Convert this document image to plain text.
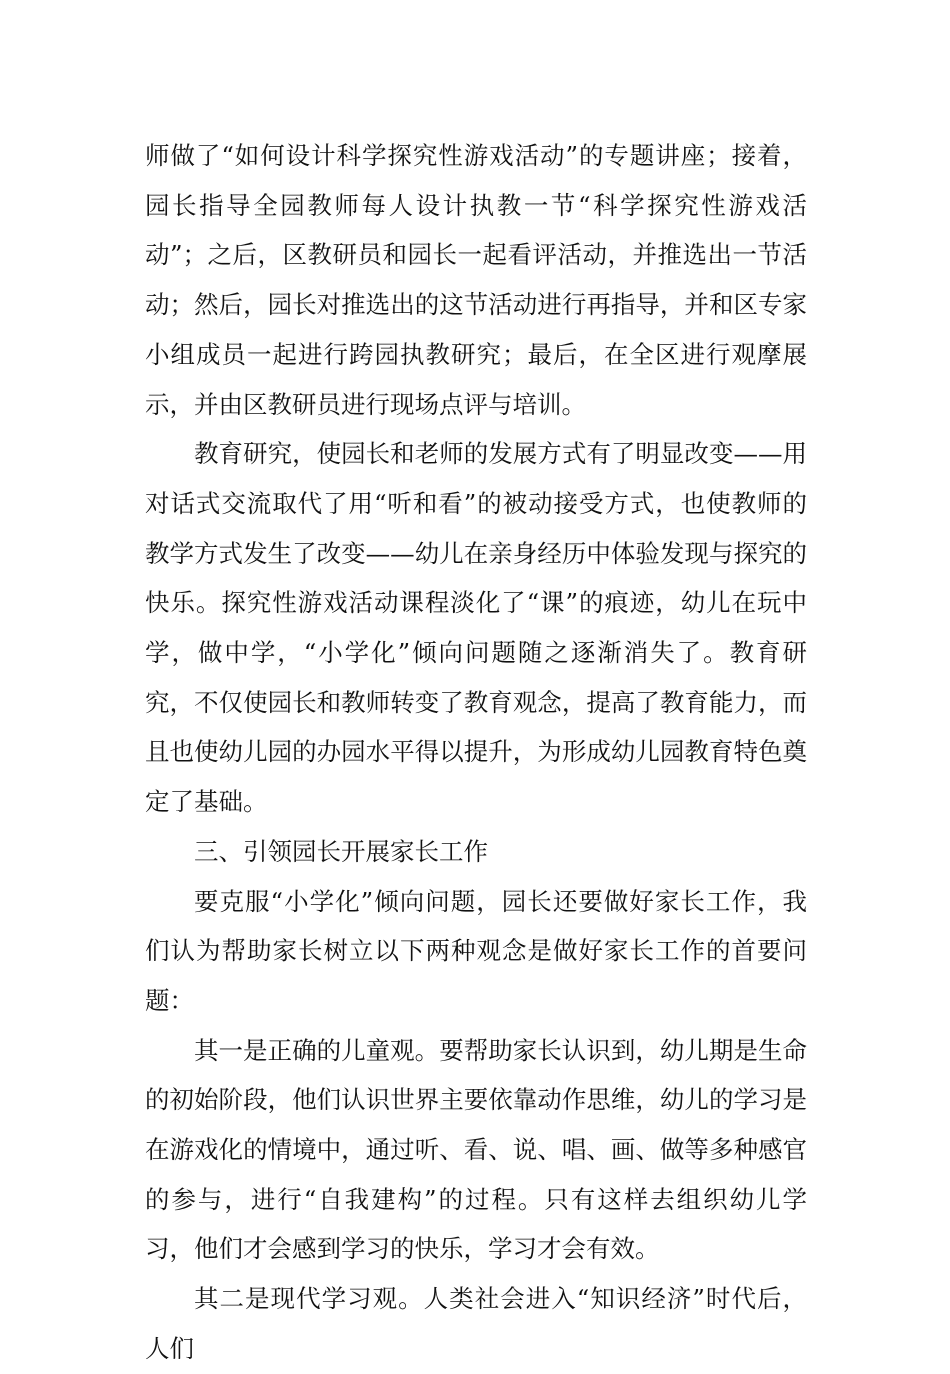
师做了“如何设计科学探究性游戏活动”的专题讲座；接着，园长指导全园教师每人设计执教一节“科学探究性游戏活动”；之后，区教研员和园长一起看评活动，并推选出一节活动；然后，园长对推选出的这节活动进行再指导，并和区专家小组成员一起进行跨园执教研究；最后，在全区进行观摩展示，并由区教研员进行现场点评与培训。

教育研究，使园长和老师的发展方式有了明显改变——用对话式交流取代了用“听和看”的被动接受方式，也使教师的教学方式发生了改变——幼儿在亲身经历中体验发现与探究的快乐。探究性游戏活动课程淡化了“课”的痕迹，幼儿在玩中学，做中学，“小学化”倾向问题随之逐渐消失了。教育研究，不仅使园长和教师转变了教育观念，提高了教育能力，而且也使幼儿园的办园水平得以提升，为形成幼儿园教育特色奠定了基础。

三、引领园长开展家长工作

要克服“小学化”倾向问题，园长还要做好家长工作，我们认为帮助家长树立以下两种观念是做好家长工作的首要问题：

其一是正确的儿童观。要帮助家长认识到，幼儿期是生命的初始阶段，他们认识世界主要依靠动作思维，幼儿的学习是在游戏化的情境中，通过听、看、说、唱、画、做等多种感官的参与，进行“自我建构”的过程。只有这样去组织幼儿学习，他们才会感到学习的快乐，学习才会有效。

其二是现代学习观。人类社会进入“知识经济”时代后，人们
